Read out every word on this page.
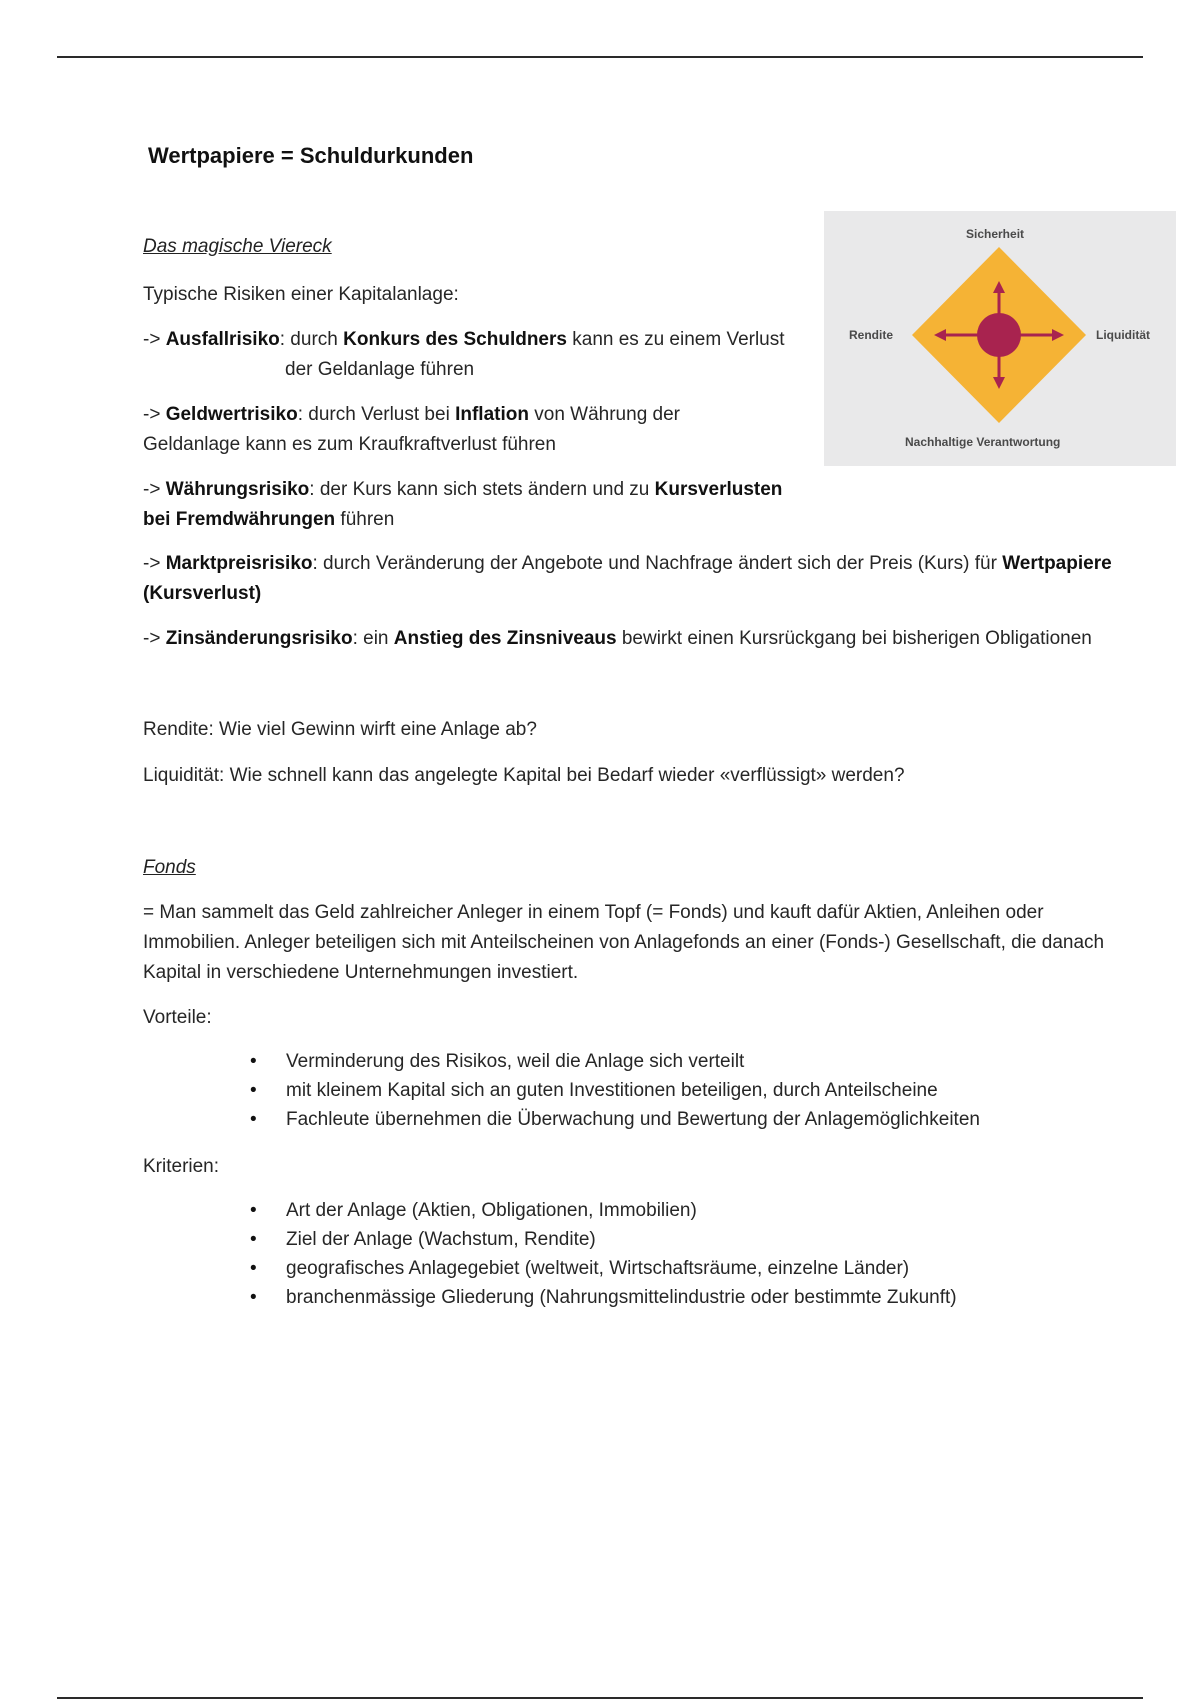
Wertpapiere = Schuldurkunden
Das magische Viereck
Typische Risiken einer Kapitalanlage:
-> Ausfallrisiko: durch Konkurs des Schuldners kann es zu einem Verlust
der Geldanlage führen
-> Geldwertrisiko: durch Verlust bei Inflation von Währung der
Geldanlage kann es zum Kraufkraftverlust führen
-> Währungsrisiko: der Kurs kann sich stets ändern und zu Kursverlusten
bei Fremdwährungen führen
-> Marktpreisrisiko: durch Veränderung der Angebote und Nachfrage ändert sich der Preis (Kurs) für Wertpapiere
(Kursverlust)
-> Zinsänderungsrisiko: ein Anstieg des Zinsniveaus bewirkt einen Kursrückgang bei bisherigen Obligationen
Rendite: Wie viel Gewinn wirft eine Anlage ab?
Liquidität: Wie schnell kann das angelegte Kapital bei Bedarf wieder «verflüssigt» werden?
Sicherheit
Rendite	Liquidität
Nachhaltige Verantwortung
Fonds
= Man sammelt das Geld zahlreicher Anleger in einem Topf (= Fonds) und kauft dafür Aktien, Anleihen oder
Immobilien. Anleger beteiligen sich mit Anteilscheinen von Anlagefonds an einer (Fonds-) Gesellschaft, die danach
Kapital in verschiedene Unternehmungen investiert.
Vorteile:
• Verminderung des Risikos, weil die Anlage sich verteilt
• mit kleinem Kapital sich an guten Investitionen beteiligen, durch Anteilscheine
• Fachleute übernehmen die Überwachung und Bewertung der Anlagemöglichkeiten
Kriterien:
• Art der Anlage (Aktien, Obligationen, Immobilien)
• Ziel der Anlage (Wachstum, Rendite)
• geografisches Anlagegebiet (weltweit, Wirtschaftsräume, einzelne Länder)
• branchenmässige Gliederung (Nahrungsmittelindustrie oder bestimmte Zukunft)
